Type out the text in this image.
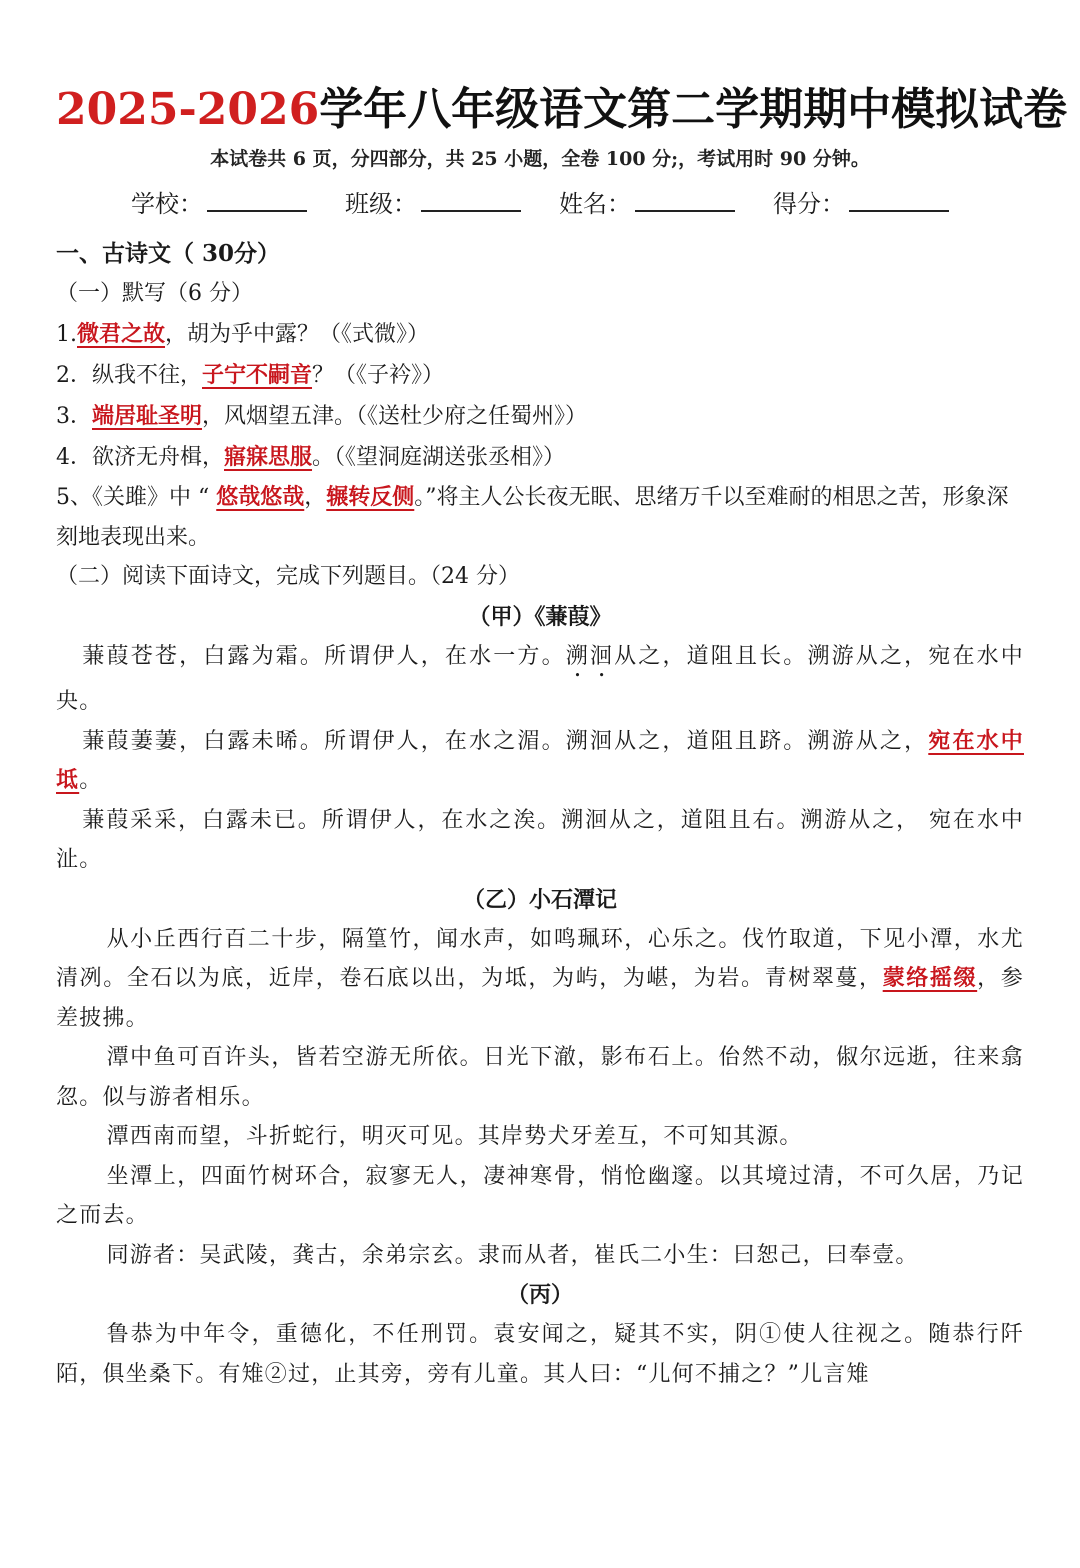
2025-2026学年八年级语文第二学期期中模拟试卷
本试卷共 6 页，分四部分，共 25 小题，全卷 100 分;，考试用时 90 分钟。
学校：	班级：	姓名：	得分：
一、古诗文（ 30分）
（一）默写（6 分）
1.微君之故，胡为乎中露？（《式微》）
2．纵我不往，子宁不嗣音？（《子衿》）
3．端居耻圣明，风烟望五津。（《送杜少府之任蜀州》）
4．欲济无舟楫，寤寐思服。（《望洞庭湖送张丞相》）
5、《关雎》中 “ 悠哉悠哉，辗转反侧。”将主人公长夜无眠、思绪万千以至难耐的相思之苦，形象深刻地表现出来。
（二）阅读下面诗文，完成下列题目。（24 分）
（甲）《蒹葭》
蒹葭苍苍，白露为霜。所谓伊人，在水一方。溯洄从之，道阻且长。溯游从之，宛在水中央。
蒹葭萋萋，白露未晞。所谓伊人，在水之湄。溯洄从之，道阻且跻。溯游从之，宛在水中坻。
蒹葭采采，白露未已。所谓伊人，在水之涘。溯洄从之，道阻且右。溯游从之， 宛在水中沚。
（乙）小石潭记
从小丘西行百二十步，隔篁竹，闻水声，如鸣珮环，心乐之。伐竹取道，下见小潭，水尤清冽。全石以为底，近岸，卷石底以出，为坻，为屿，为嵁，为岩。青树翠蔓，蒙络摇缀，参差披拂。
潭中鱼可百许头，皆若空游无所依。日光下澈，影布石上。佁然不动，俶尔远逝，往来翕忽。似与游者相乐。
潭西南而望，斗折蛇行，明灭可见。其岸势犬牙差互，不可知其源。
坐潭上，四面竹树环合，寂寥无人，凄神寒骨，悄怆幽邃。以其境过清，不可久居，乃记之而去。
同游者：吴武陵，龚古，余弟宗玄。隶而从者，崔氏二小生：曰恕己，曰奉壹。
（丙）
鲁恭为中年令，重德化，不任刑罚。袁安闻之，疑其不实，阴①使人往视之。随恭行阡陌，俱坐桑下。有雉②过，止其旁，旁有儿童。其人曰：“儿何不捕之？”儿言雉
